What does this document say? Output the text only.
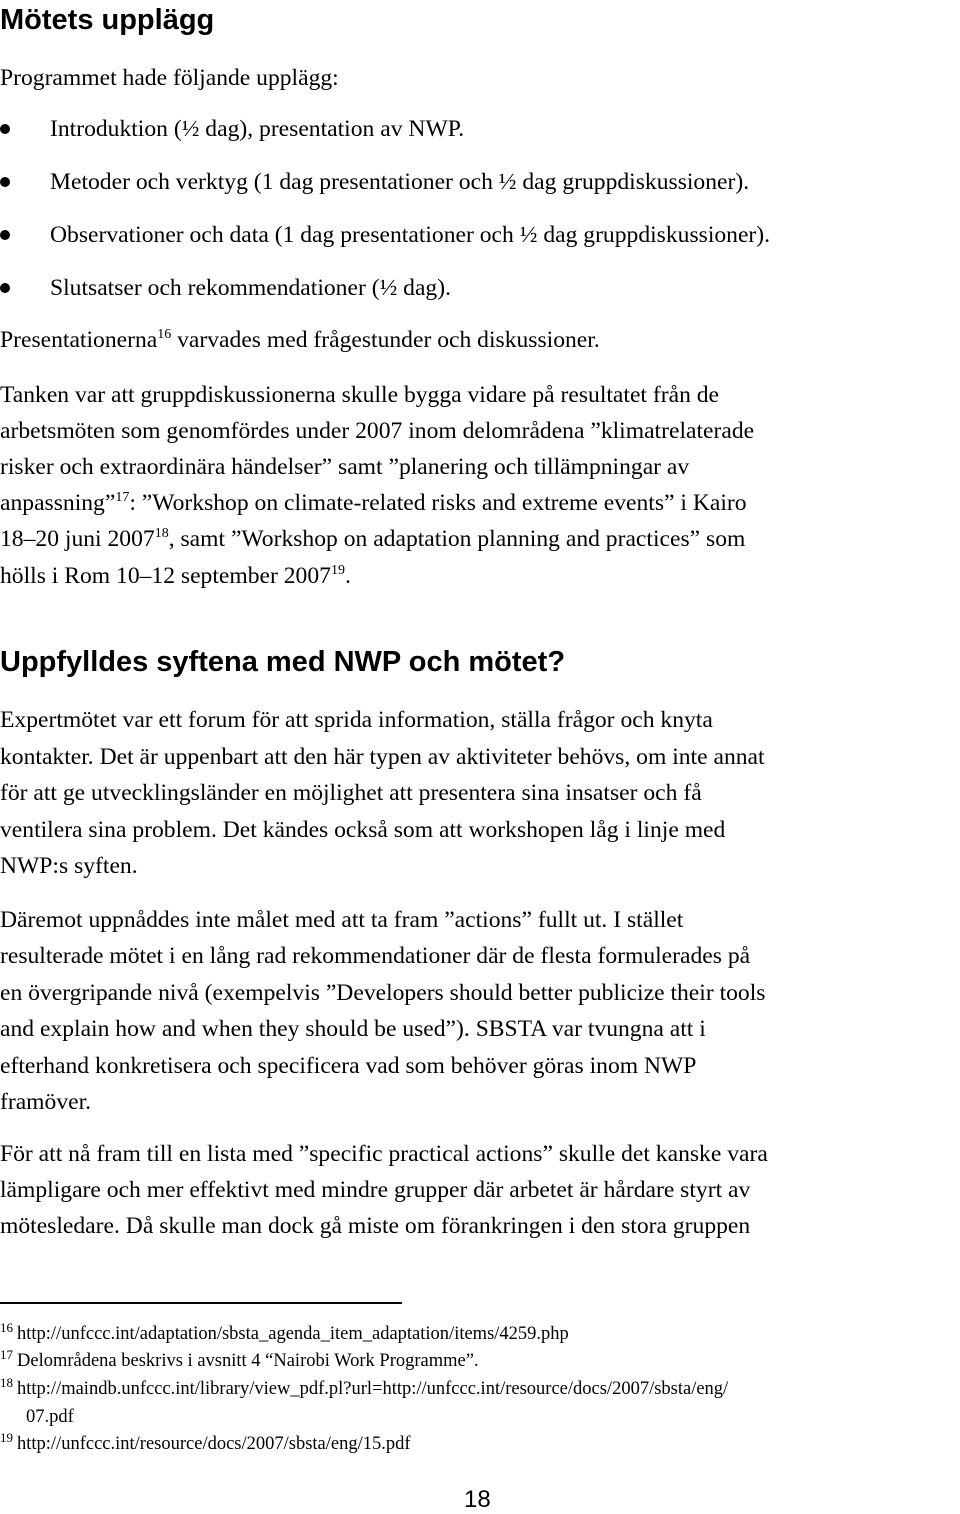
Mötets upplägg

Programmet hade följande upplägg:

Introduktion (½ dag), presentation av NWP.
Metoder och verktyg (1 dag presentationer och ½ dag gruppdiskussioner).
Observationer och data (1 dag presentationer och ½ dag gruppdiskussioner).
Slutsatser och rekommendationer (½ dag).

Presentationerna$^{16}$ varvades med frågestunder och diskussioner.

Tanken var att gruppdiskussionerna skulle bygga vidare på resultatet från de

arbetsmöten som genomfördes under 2007 inom delområdena ”klimatrelaterade

risker och extraordinära händelser” samt ”planering och tillämpningar av

anpassning”$^{17}$: ”Workshop on climate-related risks and extreme events” i Kairo

18–20 juni 2007$^{18}$, samt ”Workshop on adaptation planning and practices” som

hölls i Rom 10–12 september 2007$^{19}$.

Uppfylldes syftena med NWP och mötet?

Expertmötet var ett forum för att sprida information, ställa frågor och knyta

kontakter. Det är uppenbart att den här typen av aktiviteter behövs, om inte annat

för att ge utvecklingsländer en möjlighet att presentera sina insatser och få

ventilera sina problem. Det kändes också som att workshopen låg i linje med

NWP:s syften.

Däremot uppnåddes inte målet med att ta fram ”actions” fullt ut. I stället

resulterade mötet i en lång rad rekommendationer där de flesta formulerades på

en övergripande nivå (exempelvis ”Developers should better publicize their tools

and explain how and when they should be used”). SBSTA var tvungna att i

efterhand konkretisera och specificera vad som behöver göras inom NWP

framöver.

För att nå fram till en lista med ”specific practical actions” skulle det kanske vara

lämpligare och mer effektivt med mindre grupper där arbetet är hårdare styrt av

mötesledare. Då skulle man dock gå miste om förankringen i den stora gruppen

$^{16}$ http://unfccc.int/adaptation/sbsta_agenda_item_adaptation/items/4259.php
$^{17}$ Delområdena beskrivs i avsnitt 4 “Nairobi Work Programme”.
$^{18}$ http://maindb.unfccc.int/library/view_pdf.pl?url=http://unfccc.int/resource/docs/2007/sbsta/eng/
07.pdf
$^{19}$ http://unfccc.int/resource/docs/2007/sbsta/eng/15.pdf
18
